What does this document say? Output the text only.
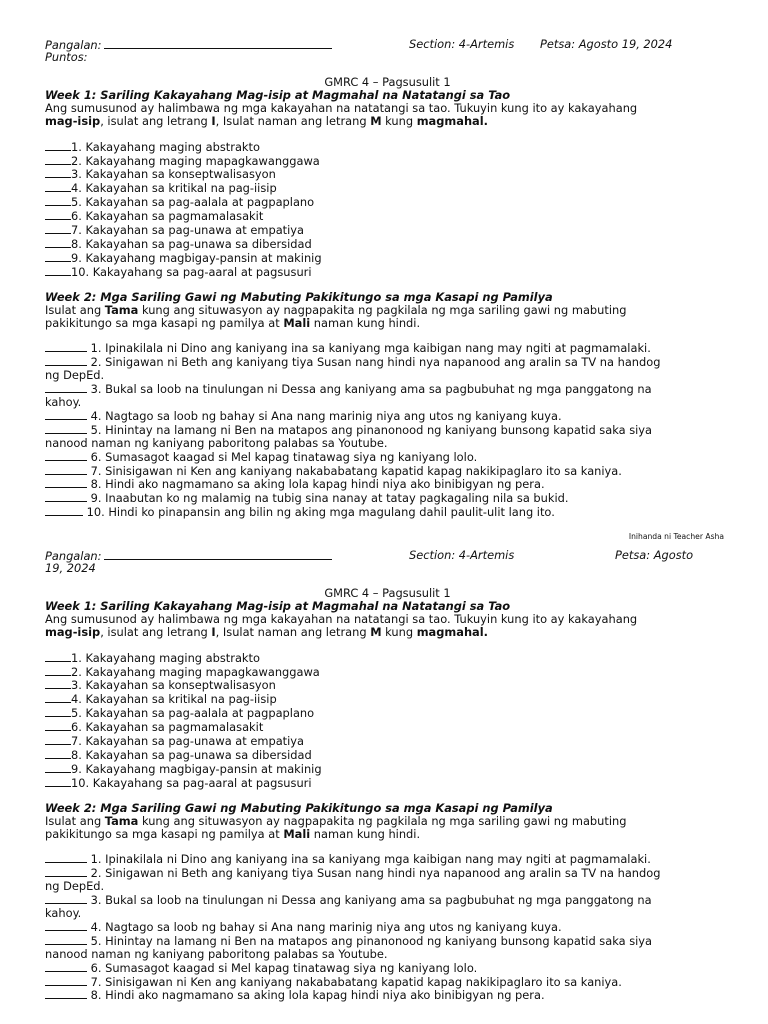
Pangalan:	Section: 4-Artemis Petsa: Agosto 19, 2024
Puntos:
GMRC 4 – Pagsusulit 1
Week 1: Sariling Kakayahang Mag-isip at Magmahal na Natatangi sa Tao

Ang sumusunod ay halimbawa ng mga kakayahan na natatangi sa tao. Tukuyin kung ito ay kakayahang

mag-isip, isulat ang letrang I, Isulat naman ang letrang M kung magmahal.

1. Kakayahang maging abstrakto
2. Kakayahang maging mapagkawanggawa
3. Kakayahan sa konseptwalisasyon
4. Kakayahan sa kritikal na pag-iisip
5. Kakayahan sa pag-aalala at pagpaplano
6. Kakayahan sa pagmamalasakit
7. Kakayahan sa pag-unawa at empatiya
8. Kakayahan sa pag-unawa sa dibersidad
9. Kakayahang magbigay-pansin at makinig
10. Kakayahang sa pag-aaral at pagsusuri
Week 2: Mga Sariling Gawi ng Mabuting Pakikitungo sa mga Kasapi ng Pamilya

Isulat ang Tama kung ang situwasyon ay nagpapakita ng pagkilala ng mga sariling gawi ng mabuting

pakikitungo sa mga kasapi ng pamilya at Mali naman kung hindi.

1. Ipinakilala ni Dino ang kaniyang ina sa kaniyang mga kaibigan nang may ngiti at pagmamalaki.
2. Sinigawan ni Beth ang kaniyang tiya Susan nang hindi nya napanood ang aralin sa TV na handog
ng DepEd.
3. Bukal sa loob na tinulungan ni Dessa ang kaniyang ama sa pagbubuhat ng mga panggatong na
kahoy.
4. Nagtago sa loob ng bahay si Ana nang marinig niya ang utos ng kaniyang kuya.
5. Hinintay na lamang ni Ben na matapos ang pinanonood ng kaniyang bunsong kapatid saka siya
nanood naman ng kaniyang paboritong palabas sa Youtube.
6. Sumasagot kaagad si Mel kapag tinatawag siya ng kaniyang lolo.
7. Sinisigawan ni Ken ang kaniyang nakababatang kapatid kapag nakikipaglaro ito sa kaniya.
8. Hindi ako nagmamano sa aking lola kapag hindi niya ako binibigyan ng pera.
9. Inaabutan ko ng malamig na tubig sina nanay at tatay pagkagaling nila sa bukid.
10. Hindi ko pinapansin ang bilin ng aking mga magulang dahil paulit-ulit lang ito.
Inihanda ni Teacher Asha
Pangalan:	Section: 4-Artemis	Petsa: Agosto
19, 2024
GMRC 4 – Pagsusulit 1
Week 1: Sariling Kakayahang Mag-isip at Magmahal na Natatangi sa Tao

Ang sumusunod ay halimbawa ng mga kakayahan na natatangi sa tao. Tukuyin kung ito ay kakayahang

mag-isip, isulat ang letrang I, Isulat naman ang letrang M kung magmahal.

1. Kakayahang maging abstrakto
2. Kakayahang maging mapagkawanggawa
3. Kakayahan sa konseptwalisasyon
4. Kakayahan sa kritikal na pag-iisip
5. Kakayahan sa pag-aalala at pagpaplano
6. Kakayahan sa pagmamalasakit
7. Kakayahan sa pag-unawa at empatiya
8. Kakayahan sa pag-unawa sa dibersidad
9. Kakayahang magbigay-pansin at makinig
10. Kakayahang sa pag-aaral at pagsusuri
Week 2: Mga Sariling Gawi ng Mabuting Pakikitungo sa mga Kasapi ng Pamilya

Isulat ang Tama kung ang situwasyon ay nagpapakita ng pagkilala ng mga sariling gawi ng mabuting

pakikitungo sa mga kasapi ng pamilya at Mali naman kung hindi.

1. Ipinakilala ni Dino ang kaniyang ina sa kaniyang mga kaibigan nang may ngiti at pagmamalaki.
2. Sinigawan ni Beth ang kaniyang tiya Susan nang hindi nya napanood ang aralin sa TV na handog
ng DepEd.
3. Bukal sa loob na tinulungan ni Dessa ang kaniyang ama sa pagbubuhat ng mga panggatong na
kahoy.
4. Nagtago sa loob ng bahay si Ana nang marinig niya ang utos ng kaniyang kuya.
5. Hinintay na lamang ni Ben na matapos ang pinanonood ng kaniyang bunsong kapatid saka siya
nanood naman ng kaniyang paboritong palabas sa Youtube.
6. Sumasagot kaagad si Mel kapag tinatawag siya ng kaniyang lolo.
7. Sinisigawan ni Ken ang kaniyang nakababatang kapatid kapag nakikipaglaro ito sa kaniya.
8. Hindi ako nagmamano sa aking lola kapag hindi niya ako binibigyan ng pera.
